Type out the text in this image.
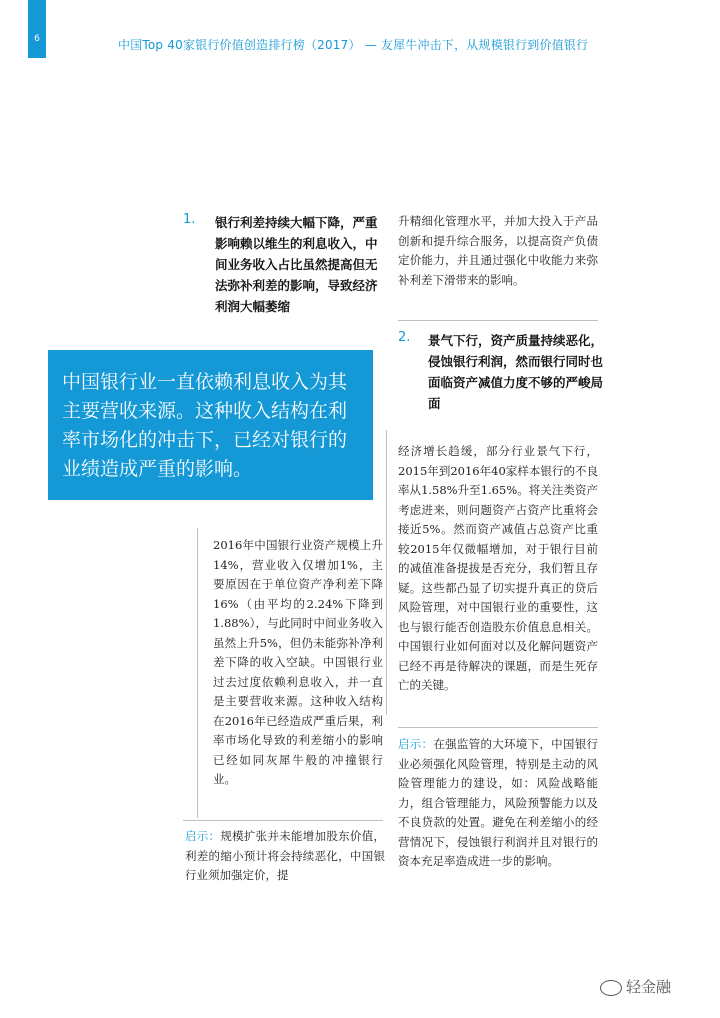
6	中国Top 40家银行价值创造排行榜（2017） — 友犀牛冲击下，从规模银行到价值银行
1. 银行利差持续大幅下降，严重影响赖以维生的利息收入，中间业务收入占比虽然提高但无法弥补利差的影响，导致经济利润大幅萎缩
中国银行业一直依赖利息收入为其主要营收来源。这种收入结构在利率市场化的冲击下，已经对银行的业绩造成严重的影响。
2016年中国银行业资产规模上升14%，营业收入仅增加1%，主要原因在于单位资产净利差下降16%（由平均的2.24%下降到1.88%），与此同时中间业务收入虽然上升5%，但仍未能弥补净利差下降的收入空缺。中国银行业过去过度依赖利息收入，并一直是主要营收来源。这种收入结构在2016年已经造成严重后果，利率市场化导致的利差缩小的影响已经如同灰犀牛般的冲撞银行业。
启示：规模扩张并未能增加股东价值，利差的缩小预计将会持续恶化，中国银行业须加强定价，提
升精细化管理水平，并加大投入于产品创新和提升综合服务，以提高资产负债定价能力，并且通过强化中收能力来弥补利差下滑带来的影响。
2. 景气下行，资产质量持续恶化，侵蚀银行利润，然而银行同时也面临资产减值力度不够的严峻局面
经济增长趋缓，部分行业景气下行，2015年到2016年40家样本银行的不良率从1.58%升至1.65%。将关注类资产考虑进来，则问题资产占资产比重将会接近5%。然而资产减值占总资产比重较2015年仅微幅增加，对于银行目前的减值准备提拔是否充分，我们暂且存疑。这些都凸显了切实提升真正的贷后风险管理，对中国银行业的重要性，这也与银行能否创造股东价值息息相关。中国银行业如何面对以及化解问题资产已经不再是待解决的课题，而是生死存亡的关键。
启示：在强监管的大环境下，中国银行业必须强化风险管理，特别是主动的风险管理能力的建设，如：风险战略能力，组合管理能力，风险预警能力以及不良贷款的处置。避免在利差缩小的经营情况下，侵蚀银行利润并且对银行的资本充足率造成进一步的影响。
轻金融
